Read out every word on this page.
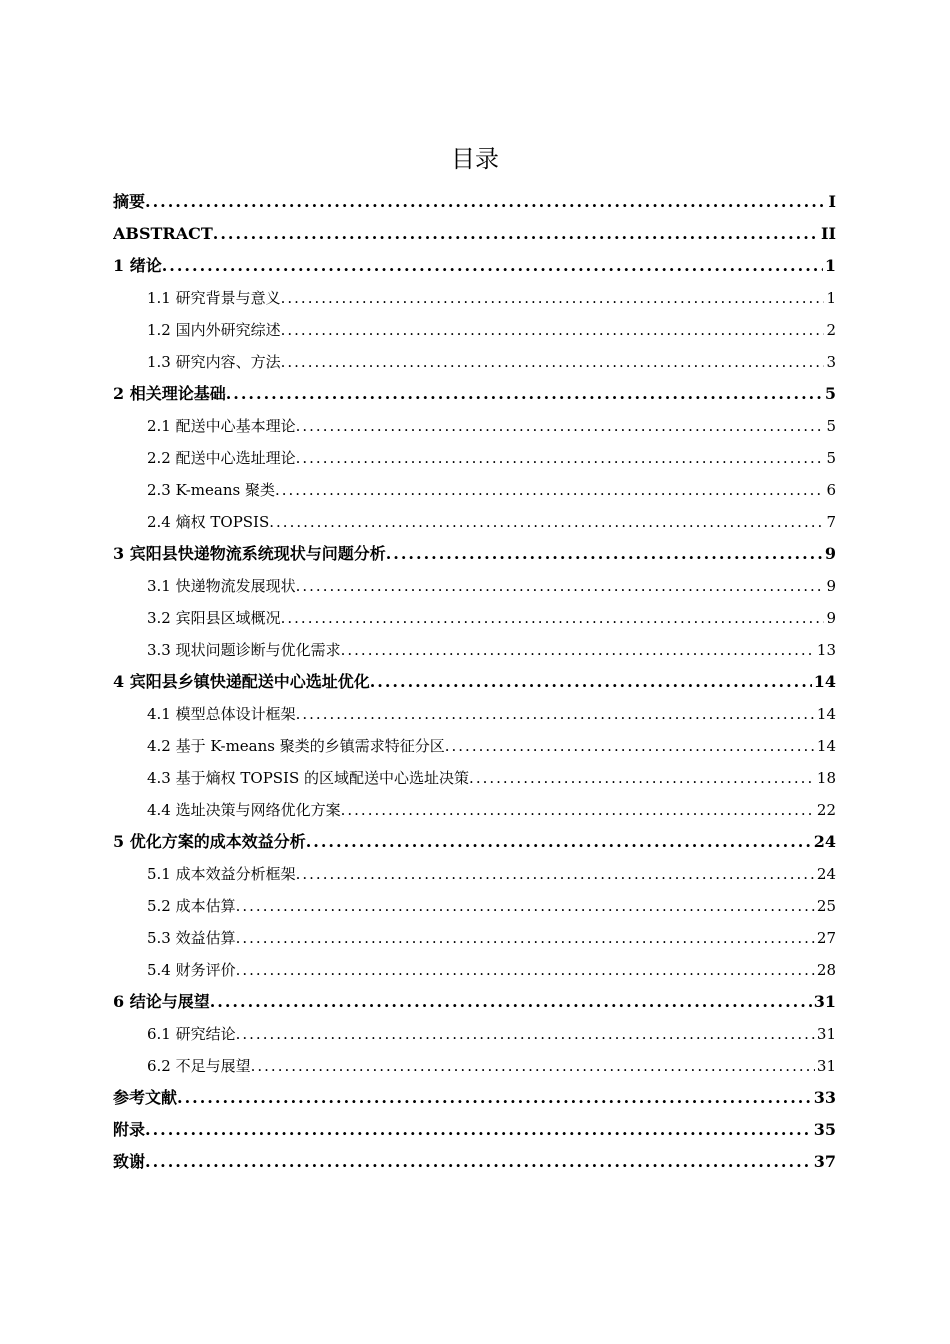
目录
摘要 .....	I
ABSTRACT .....	II
1 绪论 .....	1
1.1 研究背景与意义 .....	1
1.2 国内外研究综述 .....	2
1.3 研究内容、方法 .....	3
2 相关理论基础 .....	5
2.1 配送中心基本理论 .....	5
2.2 配送中心选址理论 .....	5
2.3 K-means 聚类 .....	6
2.4 熵权 TOPSIS .....	7
3 宾阳县快递物流系统现状与问题分析 .....	9
3.1 快递物流发展现状 .....	9
3.2 宾阳县区域概况 .....	9
3.3 现状问题诊断与优化需求 .....	13
4 宾阳县乡镇快递配送中心选址优化 .....	14
4.1 模型总体设计框架 .....	14
4.2 基于 K-means 聚类的乡镇需求特征分区 .....	14
4.3 基于熵权 TOPSIS 的区域配送中心选址决策 .....	18
4.4 选址决策与网络优化方案 .....	22
5 优化方案的成本效益分析 .....	24
5.1 成本效益分析框架 .....	24
5.2 成本估算 .....	25
5.3 效益估算 .....	27
5.4 财务评价 .....	28
6 结论与展望 .....	31
6.1 研究结论 .....	31
6.2 不足与展望 .....	31
参考文献 .....	33
附录 .....	35
致谢 .....	37
